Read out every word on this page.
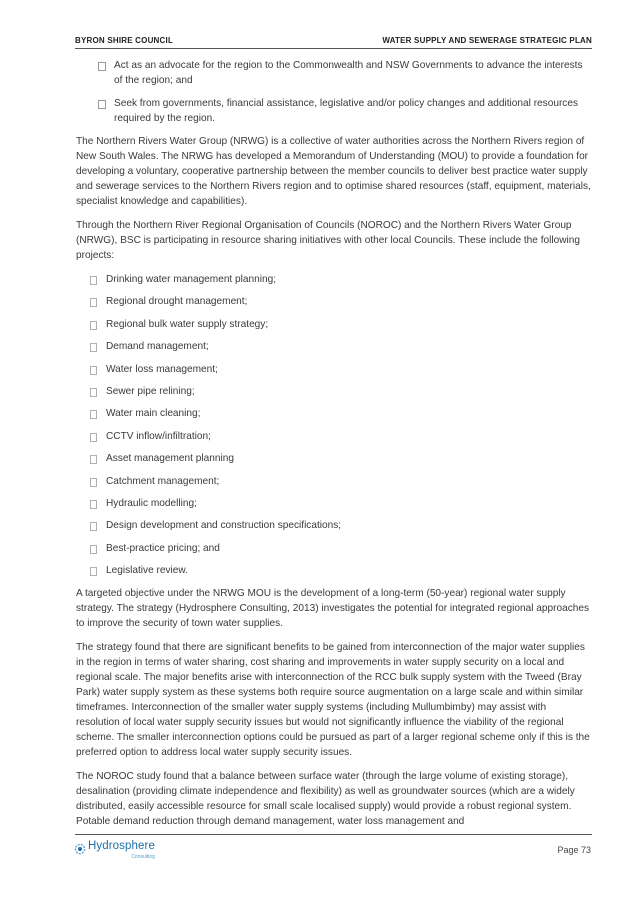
BYRON SHIRE COUNCIL	WATER SUPPLY AND SEWERAGE STRATEGIC PLAN
Act as an advocate for the region to the Commonwealth and NSW Governments to advance the interests of the region; and
Seek from governments, financial assistance, legislative and/or policy changes and additional resources required by the region.

The Northern Rivers Water Group (NRWG) is a collective of water authorities across the Northern Rivers region of New South Wales. The NRWG has developed a Memorandum of Understanding (MOU) to provide a foundation for developing a voluntary, cooperative partnership between the member councils to deliver best practice water supply and sewerage services to the Northern Rivers region and to optimise shared resources (staff, equipment, materials, specialist knowledge and capabilities).

Through the Northern River Regional Organisation of Councils (NOROC) and the Northern Rivers Water Group (NRWG), BSC is participating in resource sharing initiatives with other local Councils. These include the following projects:

Drinking water management planning;
Regional drought management;
Regional bulk water supply strategy;
Demand management;
Water loss management;
Sewer pipe relining;
Water main cleaning;
CCTV inflow/infiltration;
Asset management planning
Catchment management;
Hydraulic modelling;
Design development and construction specifications;
Best-practice pricing; and
Legislative review.

A targeted objective under the NRWG MOU is the development of a long-term (50-year) regional water supply strategy. The strategy (Hydrosphere Consulting, 2013) investigates the potential for integrated regional approaches to improve the security of town water supplies.

The strategy found that there are significant benefits to be gained from interconnection of the major water supplies in the region in terms of water sharing, cost sharing and improvements in water supply security on a local and regional scale. The major benefits arise with interconnection of the RCC bulk supply system with the Tweed (Bray Park) water supply system as these systems both require source augmentation on a large scale and within similar timeframes. Interconnection of the smaller water supply systems (including Mullumbimby) may assist with resolution of local water supply security issues but would not significantly influence the viability of the regional scheme. The smaller interconnection options could be pursued as part of a larger regional scheme only if this is the preferred option to address local water supply security issues.

The NOROC study found that a balance between surface water (through the large volume of existing storage), desalination (providing climate independence and flexibility) as well as groundwater sources (which are a widely distributed, easily accessible resource for small scale localised supply) would provide a robust regional system. Potable demand reduction through demand management, water loss management and

Hydrosphere
Consulting
Page 73
